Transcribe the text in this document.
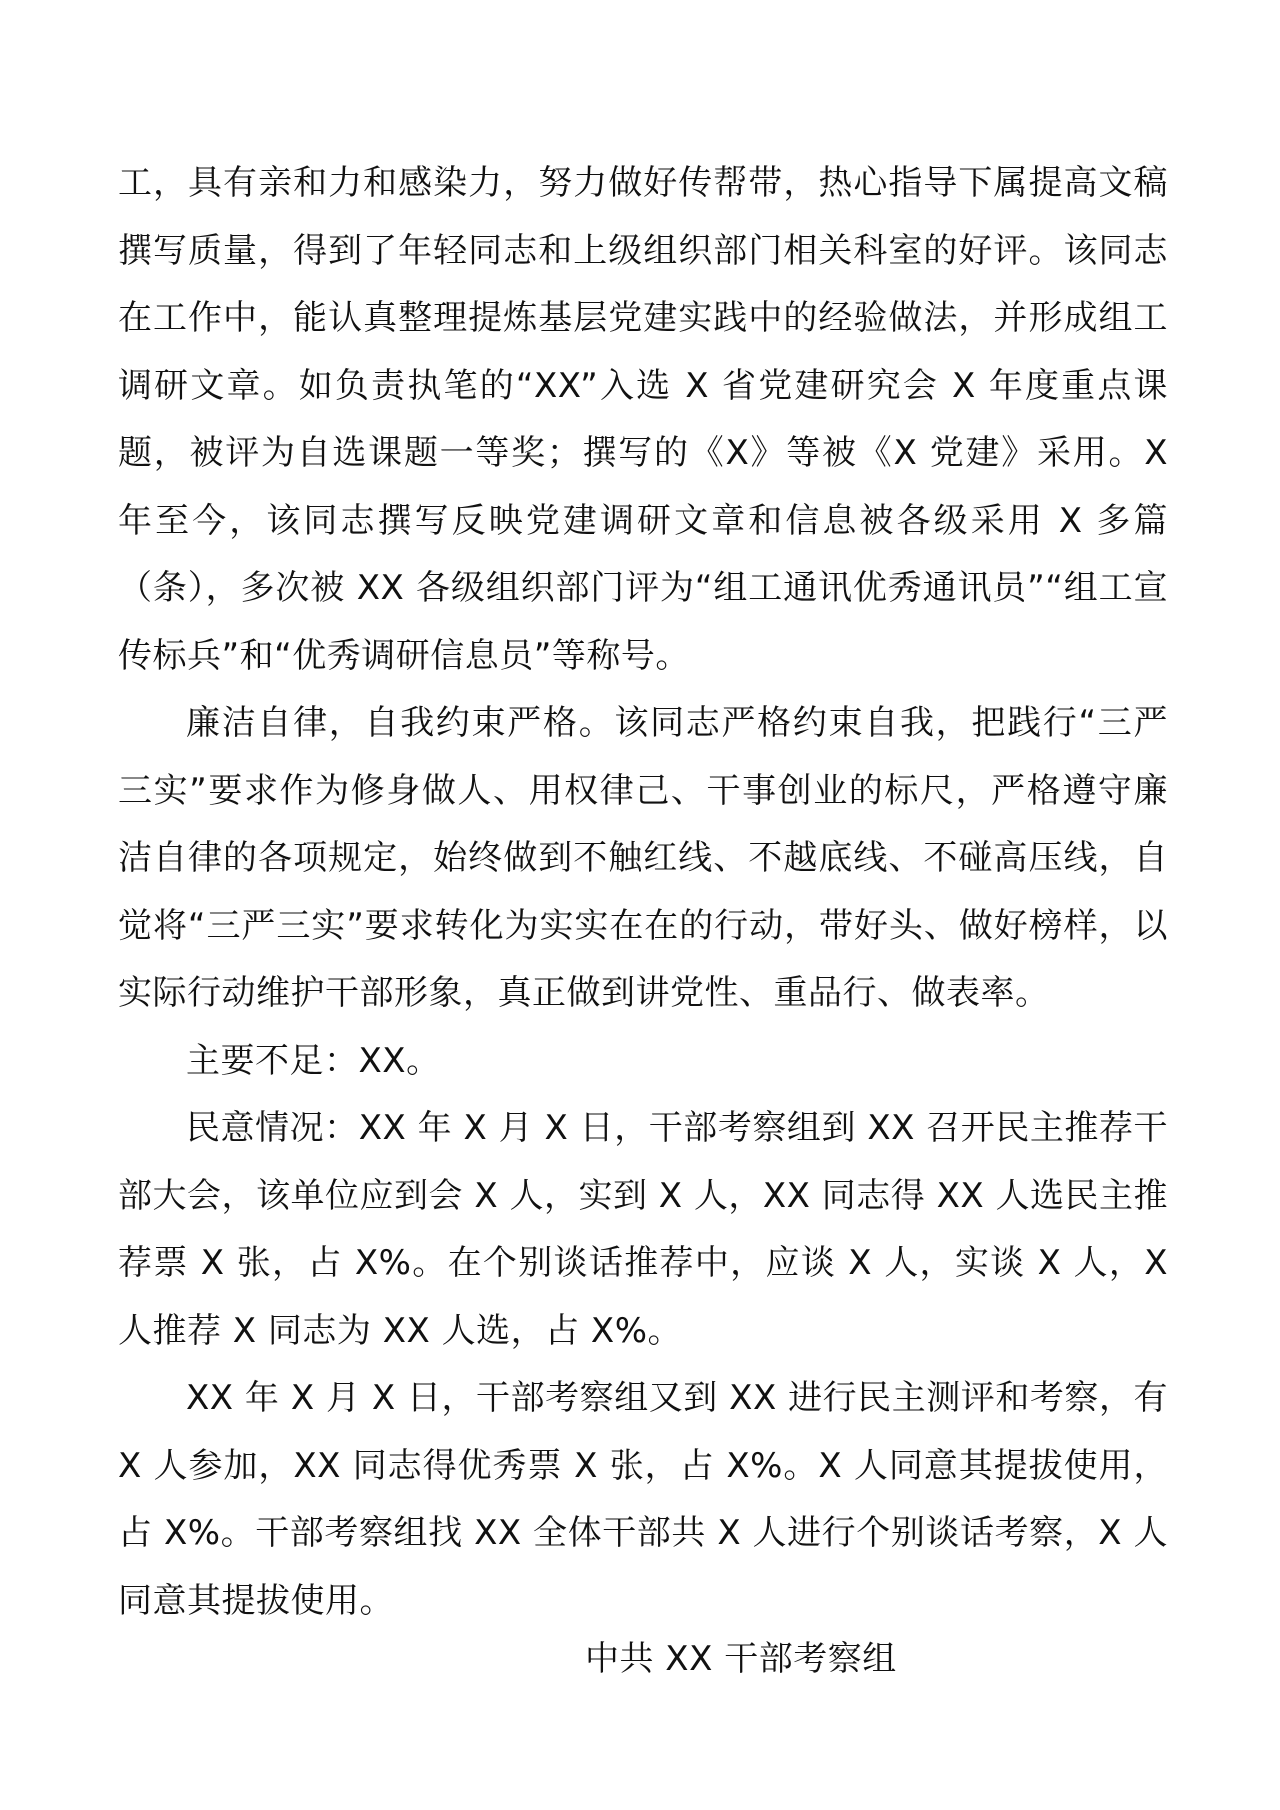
工，具有亲和力和感染力，努力做好传帮带，热心指导下属提高文稿撰写质量，得到了年轻同志和上级组织部门相关科室的好评。该同志在工作中，能认真整理提炼基层党建实践中的经验做法，并形成组工调研文章。如负责执笔的“XX”入选 X 省党建研究会 X 年度重点课题，被评为自选课题一等奖；撰写的《X》等被《X 党建》采用。X 年至今，该同志撰写反映党建调研文章和信息被各级采用 X 多篇（条），多次被 XX 各级组织部门评为“组工通讯优秀通讯员”“组工宣传标兵”和“优秀调研信息员”等称号。

廉洁自律，自我约束严格。该同志严格约束自我，把践行“三严三实”要求作为修身做人、用权律己、干事创业的标尺，严格遵守廉洁自律的各项规定，始终做到不触红线、不越底线、不碰高压线，自觉将“三严三实”要求转化为实实在在的行动，带好头、做好榜样，以实际行动维护干部形象，真正做到讲党性、重品行、做表率。

主要不足：XX。

民意情况：XX 年 X 月 X 日，干部考察组到 XX 召开民主推荐干部大会，该单位应到会 X 人，实到 X 人，XX 同志得 XX 人选民主推荐票 X 张，占 X%。在个别谈话推荐中，应谈 X 人，实谈 X 人，X 人推荐 X 同志为 XX 人选，占 X%。

XX 年 X 月 X 日，干部考察组又到 XX 进行民主测评和考察，有 X 人参加，XX 同志得优秀票 X 张，占 X%。X 人同意其提拔使用，占 X%。干部考察组找 XX 全体干部共 X 人进行个别谈话考察，X 人同意其提拔使用。

中共 XX 干部考察组
